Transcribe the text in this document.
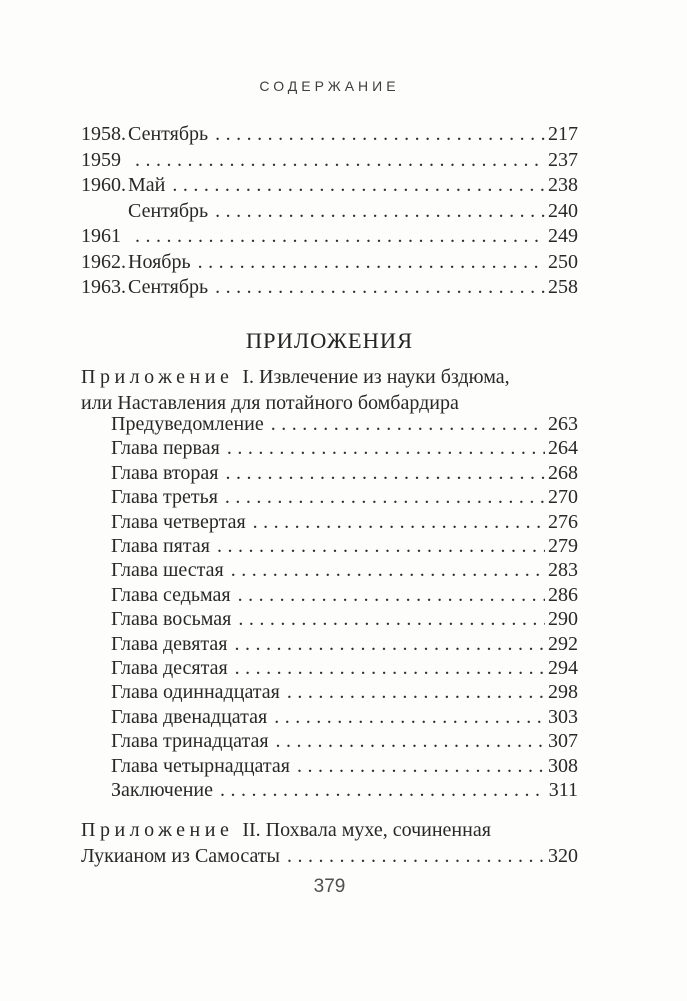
СОДЕРЖАНИЕ
1958. Сентябрь .....	217
1959 .....	237
1960. Май .....	238
Сентябрь .....	240
1961 .....	249
1962. Ноябрь .....	250
1963. Сентябрь .....	258
ПРИЛОЖЕНИЯ
Приложение I. Извлечение из науки бздюма,
или Наставления для потайного бомбардира
Предуведомление .....	263
Глава первая .....	264
Глава вторая .....	268
Глава третья .....	270
Глава четвертая .....	276
Глава пятая .....	279
Глава шестая .....	283
Глава седьмая .....	286
Глава восьмая .....	290
Глава девятая .....	292
Глава десятая .....	294
Глава одиннадцатая .....	298
Глава двенадцатая .....	303
Глава тринадцатая .....	307
Глава четырнадцатая .....	308
Заключение .....	311
Приложение II. Похвала мухе, сочиненная
Лукианом из Самосаты .....	320
379
